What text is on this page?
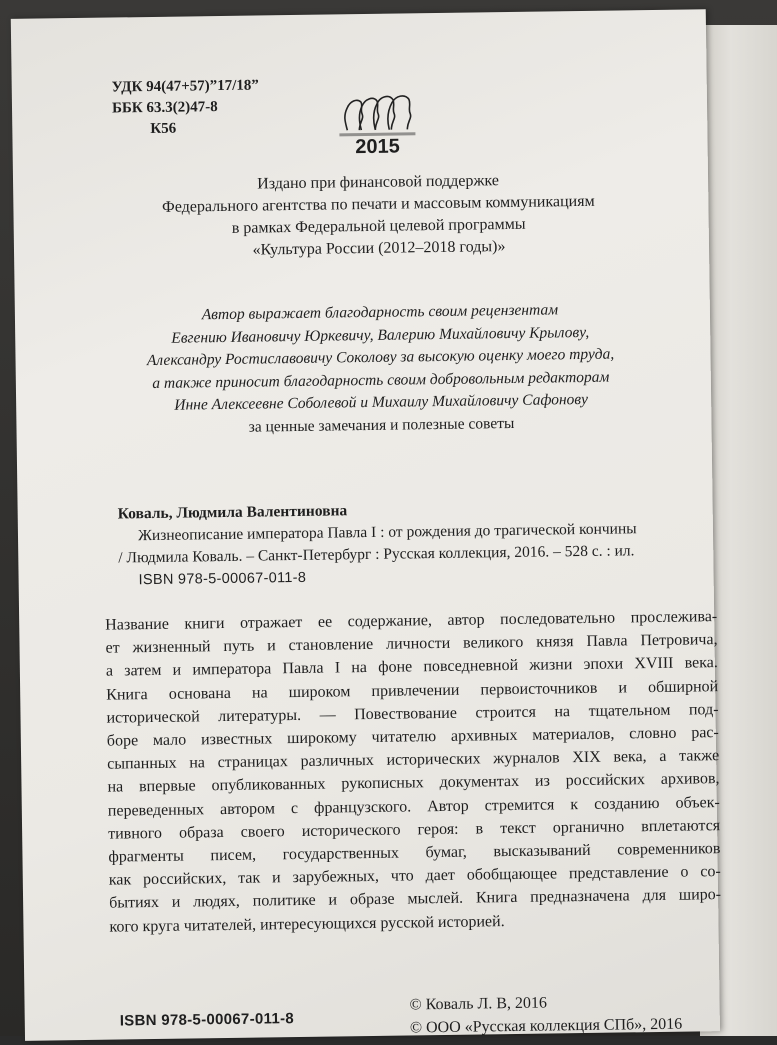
УДК 94(47+57)”17/18”
ББК 63.3(2)47-8
К56
2015
Издано при финансовой поддержке
Федерального агентства по печати и массовым коммуникациям
в рамках Федеральной целевой программы
«Культура России (2012–2018 годы)»
Автор выражает благодарность своим рецензентам
Евгению Ивановичу Юркевичу, Валерию Михайловичу Крылову,
Александру Ростиславовичу Соколову за высокую оценку моего труда,
а также приносит благодарность своим добровольным редакторам
Инне Алексеевне Соболевой и Михаилу Михайловичу Сафонову
за ценные замечания и полезные советы
Коваль, Людмила Валентиновна
Жизнеописание императора Павла I : от рождения до трагической кончины
/ Людмила Коваль. – Санкт-Петербург : Русская коллекция, 2016. – 528 с. : ил.
ISBN 978-5-00067-011-8
Название книги отражает ее содержание, автор последовательно прослежива-
ет жизненный путь и становление личности великого князя Павла Петровича,
а затем и императора Павла I на фоне повседневной жизни эпохи XVIII века.
Книга основана на широком привлечении первоисточников и обширной
исторической литературы. — Повествование строится на тщательном под-
боре мало известных широкому читателю архивных материалов, словно рас-
сыпанных на страницах различных исторических журналов XIX века, а также
на впервые опубликованных рукописных документах из российских архивов,
переведенных автором с французского. Автор стремится к созданию объек-
тивного образа своего исторического героя: в текст органично вплетаются
фрагменты писем, государственных бумаг, высказываний современников
как российских, так и зарубежных, что дает обобщающее представление о со-
бытиях и людях, политике и образе мыслей. Книга предназначена для широ-
кого круга читателей, интересующихся русской историей.
ISBN 978-5-00067-011-8
© Коваль Л. В, 2016
© ООО «Русская коллекция СПб», 2016
